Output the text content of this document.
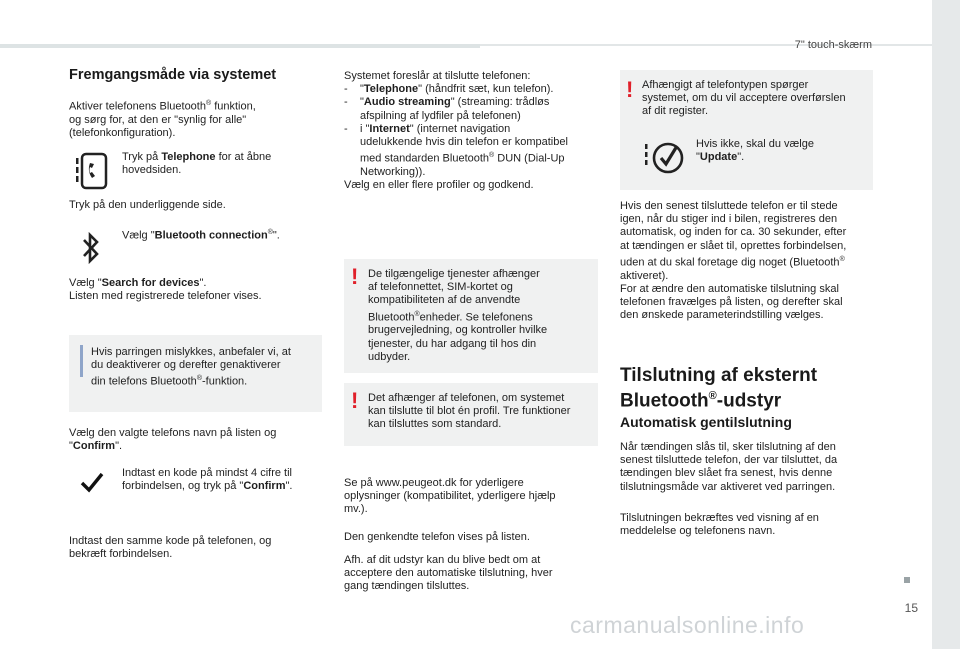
7" touch-skærm
15
carmanualsonline.info
Fremgangsmåde via systemet
Aktiver telefonens Bluetooth® funktion,
og sørg for, at den er "synlig for alle"
(telefonkonfiguration).
Tryk på Telephone for at åbne
hovedsiden.
Tryk på den underliggende side.
Vælg "Bluetooth connection®".
Vælg "Search for devices".
Listen med registrerede telefoner vises.
Hvis parringen mislykkes, anbefaler vi, at
du deaktiverer og derefter genaktiverer
din telefons Bluetooth®-funktion.
Vælg den valgte telefons navn på listen og
"Confirm".
Indtast en kode på mindst 4 cifre til
forbindelsen, og tryk på "Confirm".
Indtast den samme kode på telefonen, og
bekræft forbindelsen.
Systemet foreslår at tilslutte telefonen:
-	"Telephone" (håndfrit sæt, kun telefon).
-	"Audio streaming" (streaming: trådløs
afspilning af lydfiler på telefonen)
-	i "Internet" (internet navigation
udelukkende hvis din telefon er kompatibel
med standarden Bluetooth® DUN (Dial-Up
Networking)).
Vælg en eller flere profiler og godkend.
! De tilgængelige tjenester afhænger
af telefonnettet, SIM-kortet og
kompatibiliteten af de anvendte
Bluetooth®enheder. Se telefonens
brugervejledning, og kontroller hvilke
tjenester, du har adgang til hos din
udbyder.
! Det afhænger af telefonen, om systemet
kan tilslutte til blot én profil. Tre funktioner
kan tilsluttes som standard.
Se på www.peugeot.dk for yderligere
oplysninger (kompatibilitet, yderligere hjælp
mv.).
Den genkendte telefon vises på listen.
Afh. af dit udstyr kan du blive bedt om at
acceptere den automatiske tilslutning, hver
gang tændingen tilsluttes.
! Afhængigt af telefontypen spørger
systemet, om du vil acceptere overførslen
af dit register.
Hvis ikke, skal du vælge
"Update".
Hvis den senest tilsluttede telefon er til stede
igen, når du stiger ind i bilen, registreres den
automatisk, og inden for ca. 30 sekunder, efter
at tændingen er slået til, oprettes forbindelsen,
uden at du skal foretage dig noget (Bluetooth®
aktiveret).
For at ændre den automatiske tilslutning skal
telefonen fravælges på listen, og derefter skal
den ønskede parameterindstilling vælges.
Tilslutning af eksternt
Bluetooth®-udstyr
Automatisk gentilslutning
Når tændingen slås til, sker tilslutning af den
senest tilsluttede telefon, der var tilsluttet, da
tændingen blev slået fra senest, hvis denne
tilslutningsmåde var aktiveret ved parringen.
Tilslutningen bekræftes ved visning af en
meddelelse og telefonens navn.
